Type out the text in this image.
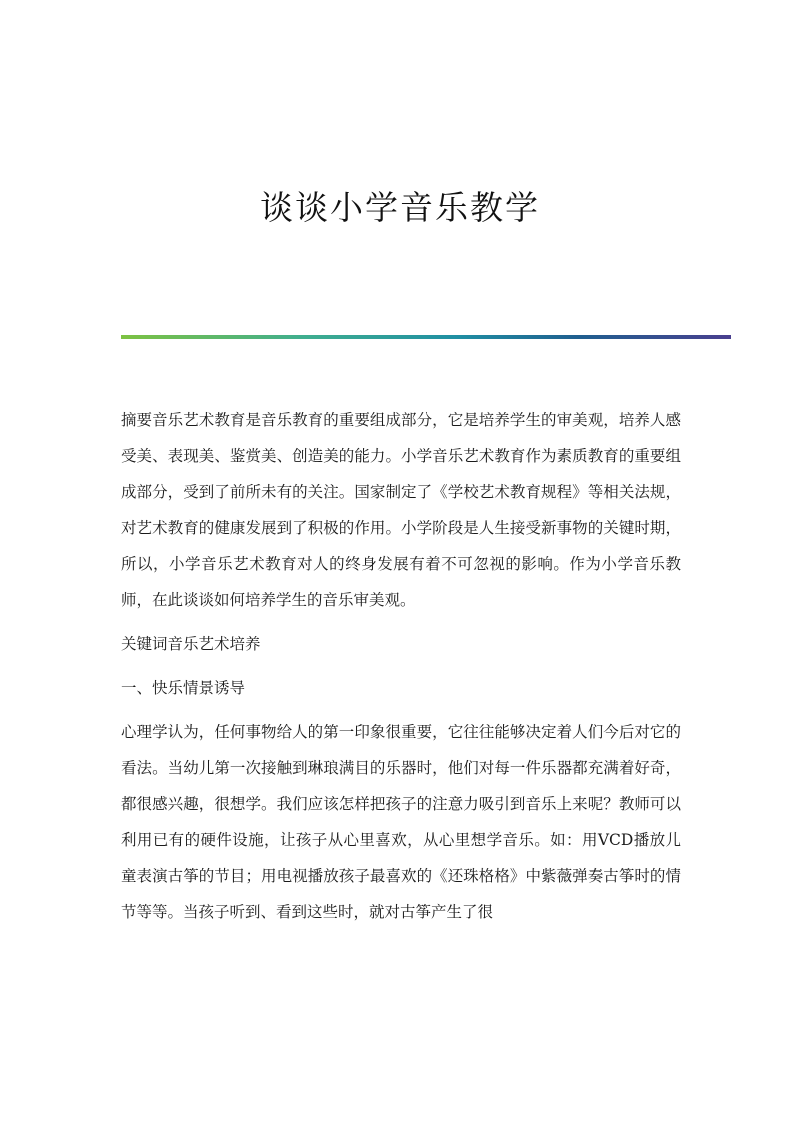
谈谈小学音乐教学

摘要音乐艺术教育是音乐教育的重要组成部分，它是培养学生的审美观，培养人感受美、表现美、鉴赏美、创造美的能力。小学音乐艺术教育作为素质教育的重要组成部分，受到了前所未有的关注。国家制定了《学校艺术教育规程》等相关法规，对艺术教育的健康发展到了积极的作用。小学阶段是人生接受新事物的关键时期，所以，小学音乐艺术教育对人的终身发展有着不可忽视的影响。作为小学音乐教师，在此谈谈如何培养学生的音乐审美观。

关键词音乐艺术培养

一、快乐情景诱导

心理学认为，任何事物给人的第一印象很重要，它往往能够决定着人们今后对它的看法。当幼儿第一次接触到琳琅满目的乐器时，他们对每一件乐器都充满着好奇，都很感兴趣，很想学。我们应该怎样把孩子的注意力吸引到音乐上来呢？教师可以利用已有的硬件设施，让孩子从心里喜欢，从心里想学音乐。如：用VCD播放儿童表演古筝的节目；用电视播放孩子最喜欢的《还珠格格》中紫薇弹奏古筝时的情节等等。当孩子听到、看到这些时，就对古筝产生了很
